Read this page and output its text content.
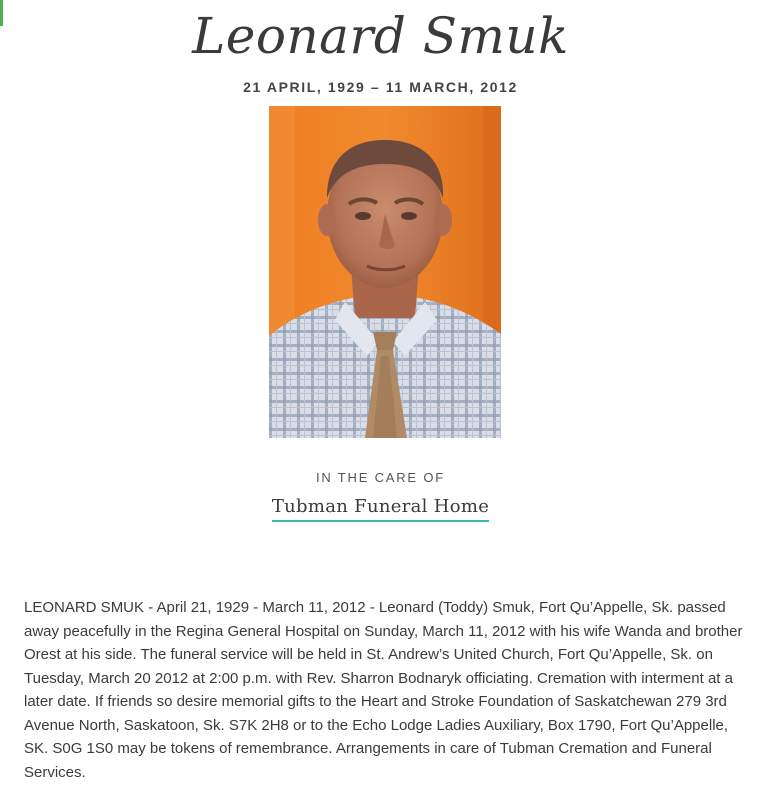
Leonard Smuk
21 APRIL, 1929 – 11 MARCH, 2012
IN THE CARE OF
Tubman Funeral Home

LEONARD SMUK - April 21, 1929 - March 11, 2012 - Leonard (Toddy) Smuk, Fort Qu’Appelle, Sk. passed away peacefully in the Regina General Hospital on Sunday, March 11, 2012 with his wife Wanda and brother Orest at his side. The funeral service will be held in St. Andrew’s United Church, Fort Qu’Appelle, Sk. on Tuesday, March 20 2012 at 2:00 p.m. with Rev. Sharron Bodnaryk officiating. Cremation with interment at a later date. If friends so desire memorial gifts to the Heart and Stroke Foundation of Saskatchewan 279 3rd Avenue North, Saskatoon, Sk. S7K 2H8 or to the Echo Lodge Ladies Auxiliary, Box 1790, Fort Qu’Appelle, SK. S0G 1S0 may be tokens of remembrance. Arrangements in care of Tubman Cremation and Funeral Services.
